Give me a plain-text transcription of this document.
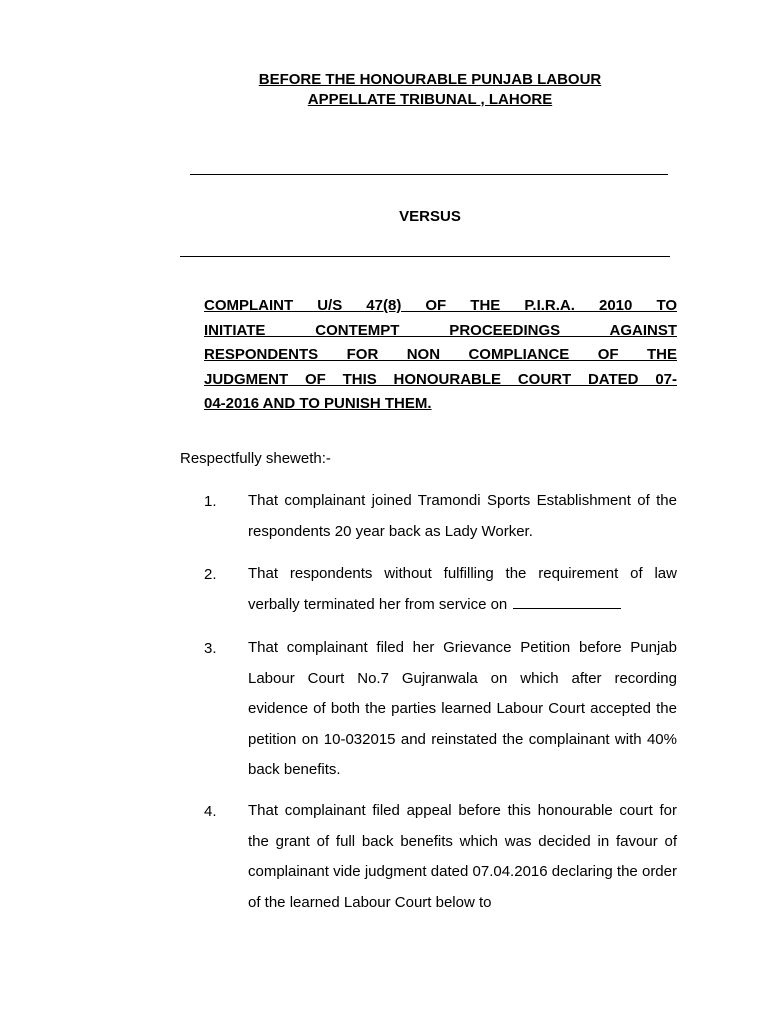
BEFORE THE HONOURABLE PUNJAB LABOUR
APPELLATE TRIBUNAL , LAHORE
VERSUS
COMPLAINT U/S 47(8) OF THE P.I.R.A. 2010 TO
INITIATE CONTEMPT PROCEEDINGS AGAINST
RESPONDENTS FOR NON COMPLIANCE OF THE
JUDGMENT OF THIS HONOURABLE COURT DATED 07-
04-2016 AND TO PUNISH THEM.
Respectfully sheweth:-
1. That complainant joined Tramondi Sports Establishment of the respondents 20 year back as Lady Worker.
2. That respondents without fulfilling the requirement of law verbally terminated her from service on
3. That complainant filed her Grievance Petition before Punjab Labour Court No.7 Gujranwala on which after recording evidence of both the parties learned Labour Court accepted the petition on 10-032015 and reinstated the complainant with 40% back benefits.
4. That complainant filed appeal before this honourable court for the grant of full back benefits which was decided in favour of complainant vide judgment dated 07.04.2016 declaring the order of the learned Labour Court below to
